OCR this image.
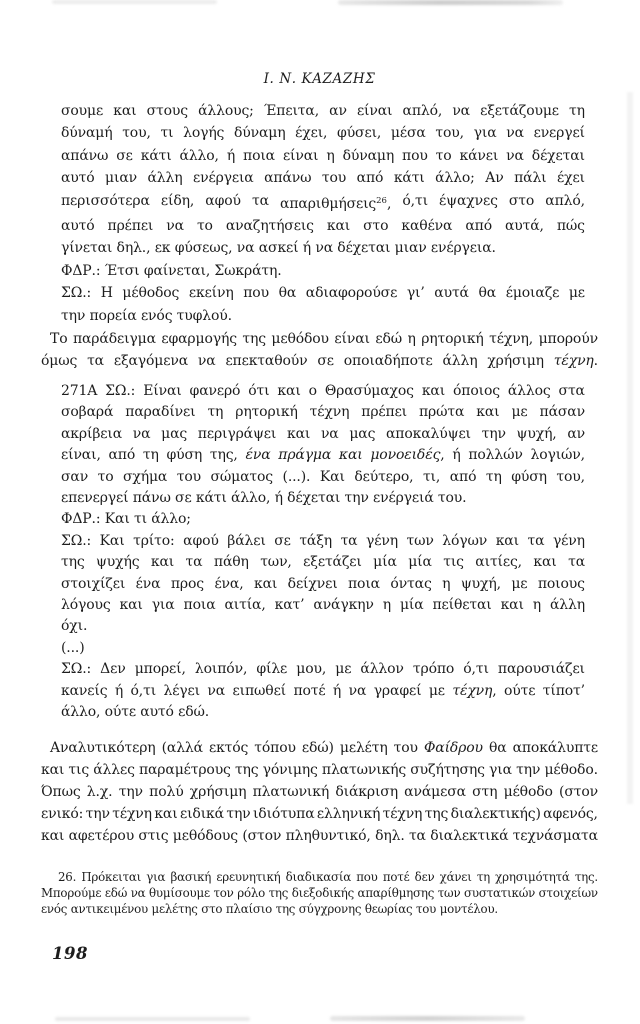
Ι. Ν. ΚΑΖΑΖΗΣ
σουμε και στους άλλους; Έπειτα, αν είναι απλό, να εξετάζουμε τη
δύναμή του, τι λογής δύναμη έχει, φύσει, μέσα του, για να ενεργεί
απάνω σε κάτι άλλο, ή ποια είναι η δύναμη που το κάνει να δέχεται
αυτό μιαν άλλη ενέργεια απάνω του από κάτι άλλο; Αν πάλι έχει
περισσότερα είδη, αφού τα απαριθμήσεις$^{26}$, ό,τι έψαχνες στο απλό,
αυτό πρέπει να το αναζητήσεις και στο καθένα από αυτά, πώς
γίνεται δηλ., εκ φύσεως, να ασκεί ή να δέχεται μιαν ενέργεια.
ΦΔΡ.: Έτσι φαίνεται, Σωκράτη.
ΣΩ.: Η μέθοδος εκείνη που θα αδιαφορούσε γι’ αυτά θα έμοιαζε με
την πορεία ενός τυφλού.
Το παράδειγμα εφαρμογής της μεθόδου είναι εδώ η ρητορική τέχνη, μπορούν
όμως τα εξαγόμενα να επεκταθούν σε οποιαδήποτε άλλη χρήσιμη τέχνη.
271Α ΣΩ.: Είναι φανερό ότι και ο Θρασύμαχος και όποιος άλλος στα
σοβαρά παραδίνει τη ρητορική τέχνη πρέπει πρώτα και με πάσαν
ακρίβεια να μας περιγράψει και να μας αποκαλύψει την ψυχή, αν
είναι, από τη φύση της, ένα πράγμα και μονοειδές, ή πολλών λογιών,
σαν το σχήμα του σώματος (...). Και δεύτερο, τι, από τη φύση του,
επενεργεί πάνω σε κάτι άλλο, ή δέχεται την ενέργειά του.
ΦΔΡ.: Και τι άλλο;
ΣΩ.: Και τρίτο: αφού βάλει σε τάξη τα γένη των λόγων και τα γένη
της ψυχής και τα πάθη των, εξετάζει μία μία τις αιτίες, και τα
στοιχίζει ένα προς ένα, και δείχνει ποια όντας η ψυχή, με ποιους
λόγους και για ποια αιτία, κατ’ ανάγκην η μία πείθεται και η άλλη
όχι.
(...)
ΣΩ.: Δεν μπορεί, λοιπόν, φίλε μου, με άλλον τρόπο ό,τι παρουσιάζει
κανείς ή ό,τι λέγει να ειπωθεί ποτέ ή να γραφεί με τέχνη, ούτε τίποτ’
άλλο, ούτε αυτό εδώ.
Αναλυτικότερη (αλλά εκτός τόπου εδώ) μελέτη του Φαίδρου θα αποκάλυπτε
και τις άλλες παραμέτρους της γόνιμης πλατωνικής συζήτησης για την μέθοδο.
Όπως λ.χ. την πολύ χρήσιμη πλατωνική διάκριση ανάμεσα στη μέθοδο (στον
ενικό: την τέχνη και ειδικά την ιδιότυπα ελληνική τέχνη της διαλεκτικής) αφενός,
και αφετέρου στις μεθόδους (στον πληθυντικό, δηλ. τα διαλεκτικά τεχνάσματα
26. Πρόκειται για βασική ερευνητική διαδικασία που ποτέ δεν χάνει τη χρησιμότητά της.
Μπορούμε εδώ να θυμίσουμε τον ρόλο της διεξοδικής απαρίθμησης των συστατικών στοιχείων
ενός αντικειμένου μελέτης στο πλαίσιο της σύγχρονης θεωρίας του μοντέλου.
198
